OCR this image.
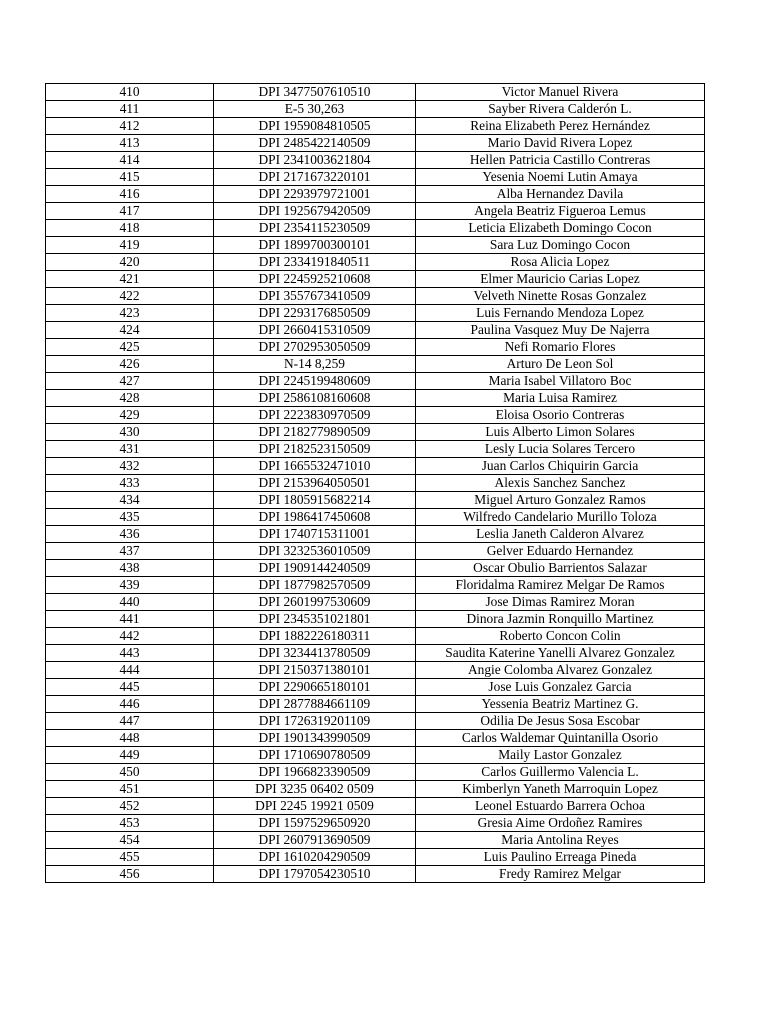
410	DPI 3477507610510	Victor Manuel Rivera
411	E-5 30,263	Sayber Rivera Calderón L.
412	DPI 1959084810505	Reina Elizabeth Perez Hernández
413	DPI 2485422140509	Mario David Rivera Lopez
414	DPI 2341003621804	Hellen Patricia Castillo Contreras
415	DPI 2171673220101	Yesenia Noemi Lutin Amaya
416	DPI 2293979721001	Alba Hernandez Davila
417	DPI 1925679420509	Angela Beatriz Figueroa Lemus
418	DPI 2354115230509	Leticia Elizabeth Domingo Cocon
419	DPI 1899700300101	Sara Luz Domingo Cocon
420	DPI 2334191840511	Rosa Alicia Lopez
421	DPI 2245925210608	Elmer Mauricio Carias Lopez
422	DPI 3557673410509	Velveth Ninette Rosas Gonzalez
423	DPI 2293176850509	Luis Fernando Mendoza Lopez
424	DPI 2660415310509	Paulina Vasquez Muy De Najerra
425	DPI 2702953050509	Nefi Romario Flores
426	N-14 8,259	Arturo De Leon Sol
427	DPI 2245199480609	Maria Isabel Villatoro Boc
428	DPI 2586108160608	Maria Luisa Ramirez
429	DPI 2223830970509	Eloisa Osorio Contreras
430	DPI 2182779890509	Luis Alberto Limon Solares
431	DPI 2182523150509	Lesly Lucia Solares Tercero
432	DPI 1665532471010	Juan Carlos Chiquirin Garcia
433	DPI 2153964050501	Alexis Sanchez Sanchez
434	DPI 1805915682214	Miguel Arturo Gonzalez Ramos
435	DPI 1986417450608	Wilfredo Candelario Murillo Toloza
436	DPI 1740715311001	Leslia Janeth Calderon Alvarez
437	DPI 3232536010509	Gelver Eduardo Hernandez
438	DPI 1909144240509	Oscar Obulio Barrientos Salazar
439	DPI 1877982570509	Floridalma Ramirez Melgar De Ramos
440	DPI 2601997530609	Jose Dimas Ramirez Moran
441	DPI 2345351021801	Dinora Jazmin Ronquillo Martinez
442	DPI 1882226180311	Roberto Concon Colin
443	DPI 3234413780509	Saudita Katerine Yanelli Alvarez Gonzalez
444	DPI 2150371380101	Angie Colomba Alvarez Gonzalez
445	DPI 2290665180101	Jose Luis Gonzalez Garcia
446	DPI 2877884661109	Yessenia Beatriz Martinez G.
447	DPI 1726319201109	Odilia De Jesus Sosa Escobar
448	DPI 1901343990509	Carlos Waldemar Quintanilla Osorio
449	DPI 1710690780509	Maily Lastor Gonzalez
450	DPI 1966823390509	Carlos Guillermo Valencia L.
451	DPI 3235 06402 0509	Kimberlyn Yaneth Marroquin Lopez
452	DPI 2245 19921 0509	Leonel Estuardo Barrera Ochoa
453	DPI 1597529650920	Gresia Aime Ordoñez Ramires
454	DPI 2607913690509	Maria Antolina Reyes
455	DPI 1610204290509	Luis Paulino Erreaga Pineda
456	DPI 1797054230510	Fredy Ramirez Melgar
